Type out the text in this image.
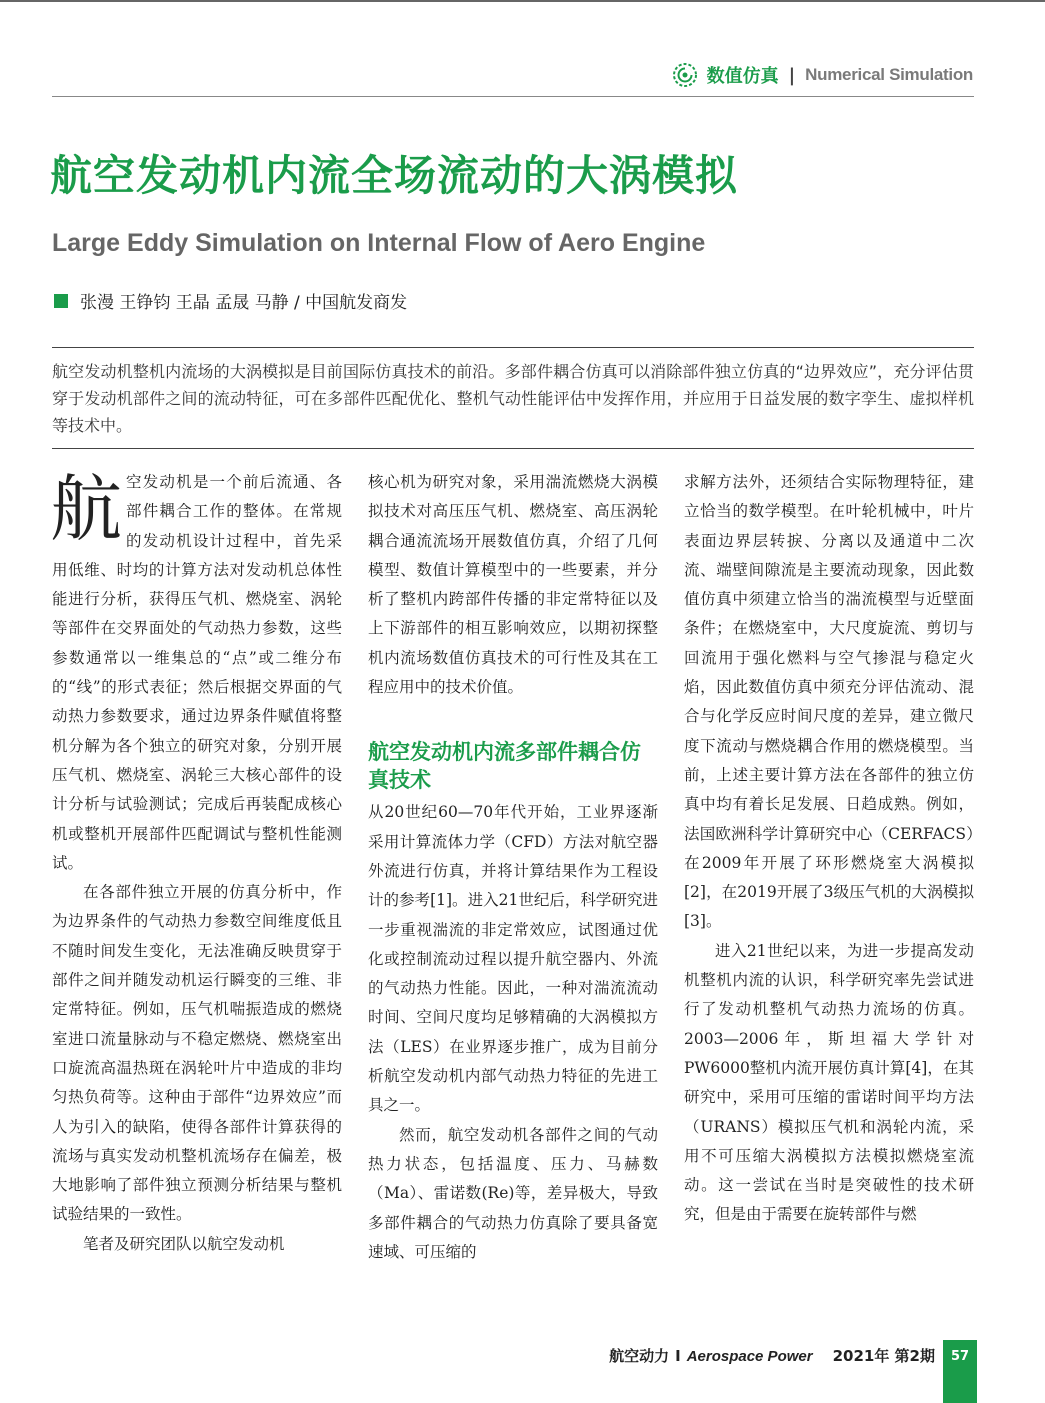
数值仿真 | Numerical Simulation
航空发动机内流全场流动的大涡模拟
Large Eddy Simulation on Internal Flow of Aero Engine
张漫 王铮钧 王晶 孟晟 马静 / 中国航发商发

航空发动机整机内流场的大涡模拟是目前国际仿真技术的前沿。多部件耦合仿真可以消除部件独立仿真的“边界效应”，充分评估贯穿于发动机部件之间的流动特征，可在多部件匹配优化、整机气动性能评估中发挥作用，并应用于日益发展的数字孪生、虚拟样机等技术中。

航空发动机是一个前后流通、各部件耦合工作的整体。在常规的发动机设计过程中，首先采用低维、时均的计算方法对发动机总体性能进行分析，获得压气机、燃烧室、涡轮等部件在交界面处的气动热力参数，这些参数通常以一维集总的“点”或二维分布的“线”的形式表征；然后根据交界面的气动热力参数要求，通过边界条件赋值将整机分解为各个独立的研究对象，分别开展压气机、燃烧室、涡轮三大核心部件的设计分析与试验测试；完成后再装配成核心机或整机开展部件匹配调试与整机性能测试。

在各部件独立开展的仿真分析中，作为边界条件的气动热力参数空间维度低且不随时间发生变化，无法准确反映贯穿于部件之间并随发动机运行瞬变的三维、非定常特征。例如，压气机喘振造成的燃烧室进口流量脉动与不稳定燃烧、燃烧室出口旋流高温热斑在涡轮叶片中造成的非均匀热负荷等。这种由于部件“边界效应”而人为引入的缺陷，使得各部件计算获得的流场与真实发动机整机流场存在偏差，极大地影响了部件独立预测分析结果与整机试验结果的一致性。

笔者及研究团队以航空发动机

核心机为研究对象，采用湍流燃烧大涡模拟技术对高压压气机、燃烧室、高压涡轮耦合通流流场开展数值仿真，介绍了几何模型、数值计算模型中的一些要素，并分析了整机内跨部件传播的非定常特征以及上下游部件的相互影响效应，以期初探整机内流场数值仿真技术的可行性及其在工程应用中的技术价值。

航空发动机内流多部件耦合仿真技术

从20世纪60—70年代开始，工业界逐渐采用计算流体力学（CFD）方法对航空器外流进行仿真，并将计算结果作为工程设计的参考[1]。进入21世纪后，科学研究进一步重视湍流的非定常效应，试图通过优化或控制流动过程以提升航空器内、外流的气动热力性能。因此，一种对湍流流动时间、空间尺度均足够精确的大涡模拟方法（LES）在业界逐步推广，成为目前分析航空发动机内部气动热力特征的先进工具之一。

然而，航空发动机各部件之间的气动热力状态，包括温度、压力、马赫数（Ma）、雷诺数(Re)等，差异极大，导致多部件耦合的气动热力仿真除了要具备宽速域、可压缩的

求解方法外，还须结合实际物理特征，建立恰当的数学模型。在叶轮机械中，叶片表面边界层转捩、分离以及通道中二次流、端壁间隙流是主要流动现象，因此数值仿真中须建立恰当的湍流模型与近壁面条件；在燃烧室中，大尺度旋流、剪切与回流用于强化燃料与空气掺混与稳定火焰，因此数值仿真中须充分评估流动、混合与化学反应时间尺度的差异，建立微尺度下流动与燃烧耦合作用的燃烧模型。当前，上述主要计算方法在各部件的独立仿真中均有着长足发展、日趋成熟。例如，法国欧洲科学计算研究中心（CERFACS）在2009年开展了环形燃烧室大涡模拟[2]，在2019开展了3级压气机的大涡模拟[3]。

进入21世纪以来，为进一步提高发动机整机内流的认识，科学研究率先尝试进行了发动机整机气动热力流场的仿真。2003—2006年，斯坦福大学针对PW6000整机内流开展仿真计算[4]，在其研究中，采用可压缩的雷诺时间平均方法（URANS）模拟压气机和涡轮内流，采用不可压缩大涡模拟方法模拟燃烧室流动。这一尝试在当时是突破性的技术研究，但是由于需要在旋转部件与燃

航空动力 I Aerospace Power 2021年 第2期	57
